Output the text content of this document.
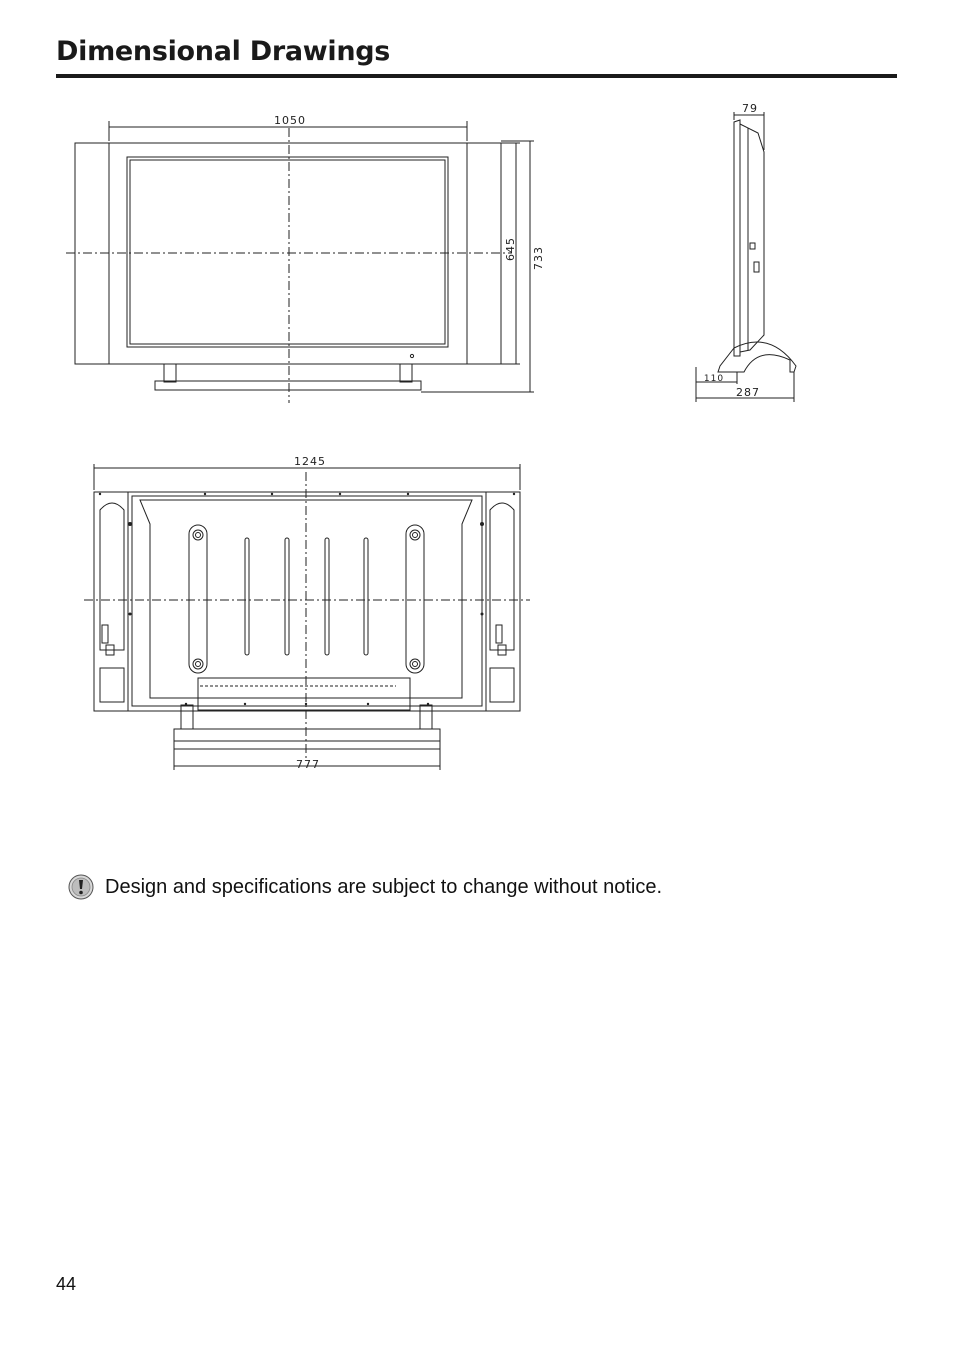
Dimensional Drawings
1050
645 733
79
110
287
1245
777
Design and specifications are subject to change without notice.
44
